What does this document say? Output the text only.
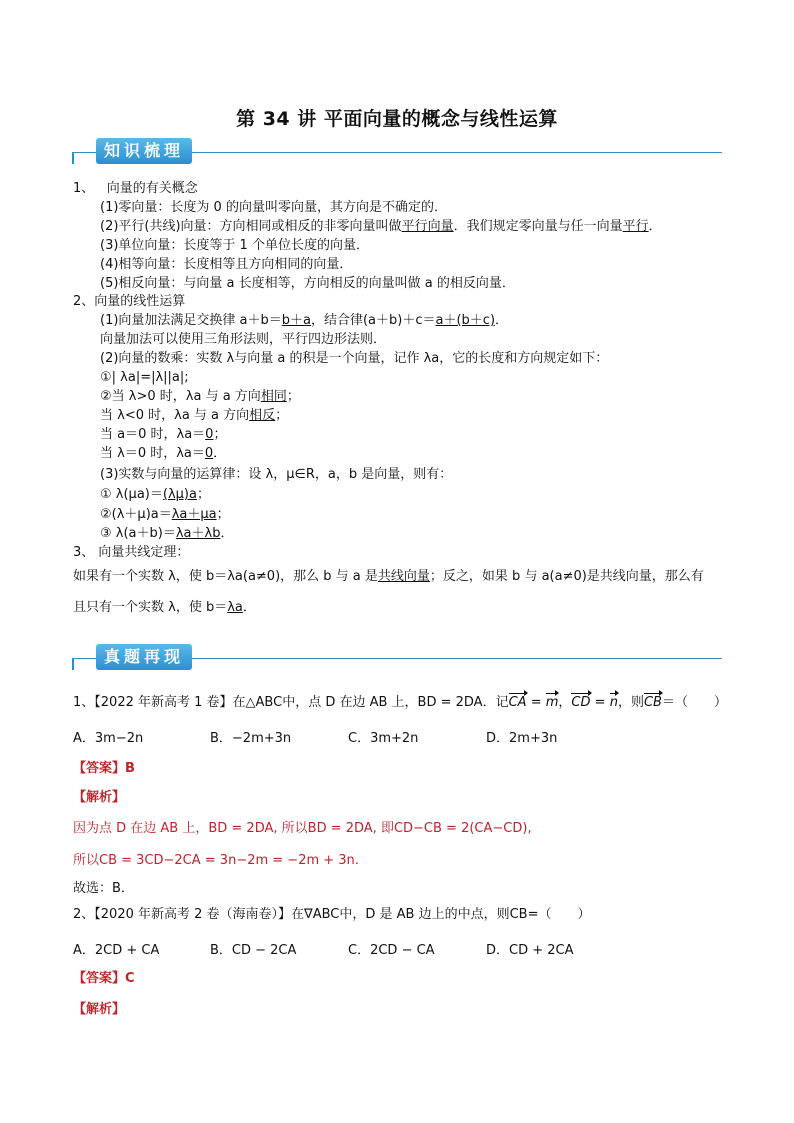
第 34 讲 平面向量的概念与线性运算
知识梳理
1、 向量的有关概念
(1)零向量：长度为 0 的向量叫零向量，其方向是不确定的．
(2)平行(共线)向量：方向相同或相反的非零向量叫做平行向量．我们规定零向量与任一向量平行．
(3)单位向量：长度等于 1 个单位长度的向量．
(4)相等向量：长度相等且方向相同的向量．
(5)相反向量：与向量 a 长度相等，方向相反的向量叫做 a 的相反向量．
2、向量的线性运算
(1)向量加法满足交换律 a＋b＝b＋a，结合律(a＋b)＋c＝a＋(b＋c)．
向量加法可以使用三角形法则，平行四边形法则．
(2)向量的数乘：实数 λ与向量 a 的积是一个向量，记作 λa，它的长度和方向规定如下：
①| λa|=|λ||a|;
②当 λ>0 时，λa 与 a 方向相同；
当 λ<0 时，λa 与 a 方向相反；
当 a＝0 时，λa＝0；
当 λ＝0 时，λa＝0．
(3)实数与向量的运算律：设 λ，μ∈R，a，b 是向量，则有：
① λ(μa)＝(λμ)a；
②(λ＋μ)a＝λa＋μa；
③ λ(a＋b)＝λa＋λb．
3、 向量共线定理：
如果有一个实数 λ，使 b＝λa(a≠0)，那么 b 与 a 是共线向量；反之，如果 b 与 a(a≠0)是共线向量，那么有
且只有一个实数 λ，使 b＝λa．
真题再现
1、【2022 年新高考 1 卷】在△ABC中，点 D 在边 AB 上，BD = 2DA．记CA = m，CD = n，则CB＝（　　）
A．3m−2n	B．−2m+3n	C．3m+2n	D．2m+3n
【答案】B
【解析】
因为点 D 在边 AB 上，BD = 2DA, 所以BD = 2DA, 即CD−CB = 2(CA−CD),
所以CB = 3CD−2CA = 3n−2m = −2m + 3n.
故选：B．
2、【2020 年新高考 2 卷（海南卷）】在∇ABC中，D 是 AB 边上的中点，则CB=（　　）
A．2CD + CA	B．CD − 2CA	C．2CD − CA	D．CD + 2CA
【答案】C
【解析】
